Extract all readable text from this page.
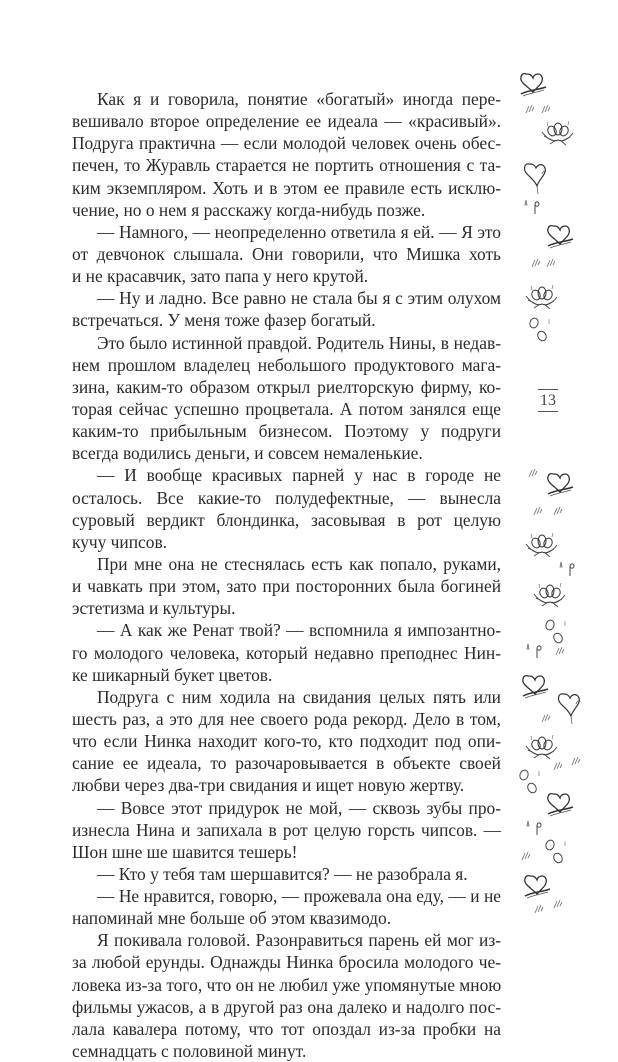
Как я и говорила, понятие «богатый» иногда пере-
вешивало второе определение ее идеала — «красивый».
Подруга практична — если молодой человек очень обес-
печен, то Журавль старается не портить отношения с та-
ким экземпляром. Хоть и в этом ее правиле есть исклю-
чение, но о нем я расскажу когда-нибудь позже.
— Намного, — неопределенно ответила я ей. — Я это
от девчонок слышала. Они говорили, что Мишка хоть
и не красавчик, зато папа у него крутой.
— Ну и ладно. Все равно не стала бы я с этим олухом
встречаться. У меня тоже фазер богатый.
Это было истинной правдой. Родитель Нины, в недав-
нем прошлом владелец небольшого продуктового мага-
зина, каким-то образом открыл риелторскую фирму, ко-
торая сейчас успешно процветала. А потом занялся еще
каким-то прибыльным бизнесом. Поэтому у подруги
всегда водились деньги, и совсем немаленькие.
— И вообще красивых парней у нас в городе не
осталось. Все какие-то полудефектные, — вынесла
суровый вердикт блондинка, засовывая в рот целую
кучу чипсов.
При мне она не стеснялась есть как попало, руками,
и чавкать при этом, зато при посторонних была богиней
эстетизма и культуры.
— А как же Ренат твой? — вспомнила я импозантно-
го молодого человека, который недавно преподнес Нин-
ке шикарный букет цветов.
Подруга с ним ходила на свидания целых пять или
шесть раз, а это для нее своего рода рекорд. Дело в том,
что если Нинка находит кого-то, кто подходит под опи-
сание ее идеала, то разочаровывается в объекте своей
любви через два-три свидания и ищет новую жертву.
— Вовсе этот придурок не мой, — сквозь зубы про-
изнесла Нина и запихала в рот целую горсть чипсов. —
Шон шне ше шавится тешерь!
— Кто у тебя там шершавится? — не разобрала я.
— Не нравится, говорю, — прожевала она еду, — и не
напоминай мне больше об этом квазимодо.
Я покивала головой. Разонравиться парень ей мог из-
за любой ерунды. Однажды Нинка бросила молодого че-
ловека из-за того, что он не любил уже упомянутые мною
фильмы ужасов, а в другой раз она далеко и надолго пос-
лала кавалера потому, что тот опоздал из-за пробки на
семнадцать с половиной минут.
13
